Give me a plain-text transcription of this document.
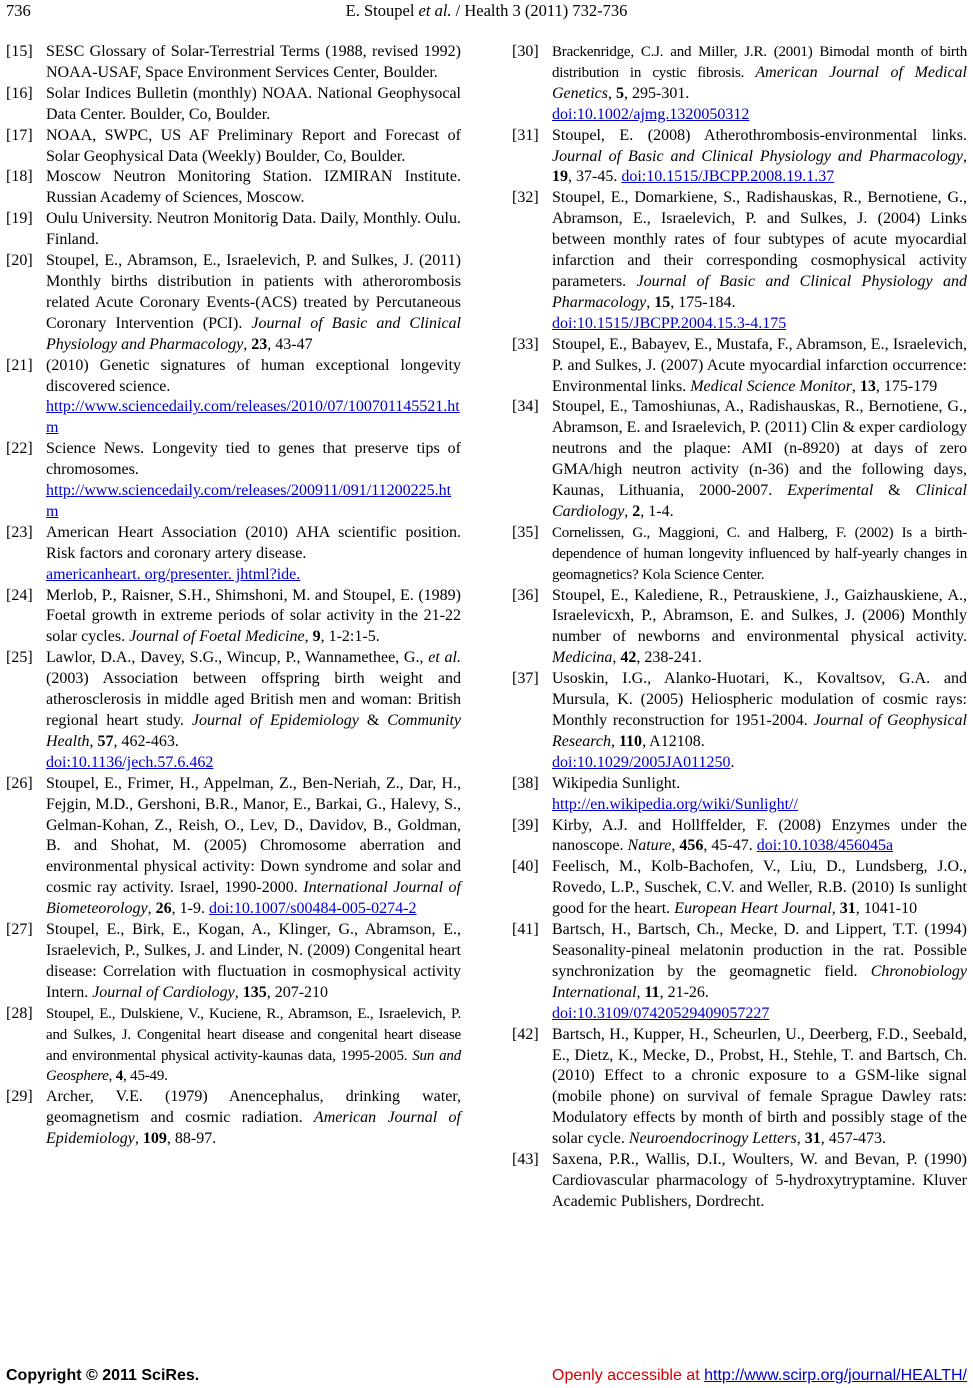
736	E. Stoupel et al. / Health 3 (2011) 732-736
[15] SESC Glossary of Solar-Terrestrial Terms (1988, revised 1992) NOAA-USAF, Space Environment Services Center, Boulder.
[16] Solar Indices Bulletin (monthly) NOAA. National Geophysocal Data Center. Boulder, Co, Boulder.
[17] NOAA, SWPC, US AF Preliminary Report and Forecast of Solar Geophysical Data (Weekly) Boulder, Co, Boulder.
[18] Moscow Neutron Monitoring Station. IZMIRAN Institute. Russian Academy of Sciences, Moscow.
[19] Oulu University. Neutron Monitorig Data. Daily, Monthly. Oulu. Finland.
[20] Stoupel, E., Abramson, E., Israelevich, P. and Sulkes, J. (2011) Monthly births distribution in patients with atherorombosis related Acute Coronary Events-(ACS) treated by Percutaneous Coronary Intervention (PCI). Journal of Basic and Clinical Physiology and Pharmacology, 23, 43-47
[21] (2010) Genetic signatures of human exceptional longevity discovered science.
http://www.sciencedaily.com/releases/2010/07/100701145521.htm
[22] Science News. Longevity tied to genes that preserve tips of chromosomes.
http://www.sciencedaily.com/releases/200911/091/11200225.htm
[23] American Heart Association (2010) AHA scientific position. Risk factors and coronary artery disease.
americanheart. org/presenter. jhtml?ide.
[24] Merlob, P., Raisner, S.H., Shimshoni, M. and Stoupel, E. (1989) Foetal growth in extreme periods of solar activity in the 21-22 solar cycles. Journal of Foetal Medicine, 9, 1-2:1-5.
[25] Lawlor, D.A., Davey, S.G., Wincup, P., Wannamethee, G., et al. (2003) Association between offspring birth weight and atherosclerosis in middle aged British men and woman: British regional heart study. Journal of Epidemiology & Community Health, 57, 462-463.
doi:10.1136/jech.57.6.462
[26] Stoupel, E., Frimer, H., Appelman, Z., Ben-Neriah, Z., Dar, H., Fejgin, M.D., Gershoni, B.R., Manor, E., Barkai, G., Halevy, S., Gelman-Kohan, Z., Reish, O., Lev, D., Davidov, B., Goldman, B. and Shohat, M. (2005) Chromosome aberration and environmental physical activity: Down syndrome and solar and cosmic ray activity. Israel, 1990-2000. International Journal of Biometeorology, 26, 1-9. doi:10.1007/s00484-005-0274-2
[27] Stoupel, E., Birk, E., Kogan, A., Klinger, G., Abramson, E., Israelevich, P., Sulkes, J. and Linder, N. (2009) Congenital heart disease: Correlation with fluctuation in cosmophysical activity Intern. Journal of Cardiology, 135, 207-210
[28] Stoupel, E., Dulskiene, V., Kuciene, R., Abramson, E., Israelevich, P. and Sulkes, J. Congenital heart disease and congenital heart disease and environmental physical activity-kaunas data, 1995-2005. Sun and Geosphere, 4, 45-49.
[29] Archer, V.E. (1979) Anencephalus, drinking water, geomagnetism and cosmic radiation. American Journal of Epidemiology, 109, 88-97.
[30] Brackenridge, C.J. and Miller, J.R. (2001) Bimodal month of birth distribution in cystic fibrosis. American Journal of Medical Genetics, 5, 295-301.
doi:10.1002/ajmg.1320050312
[31] Stoupel, E. (2008) Atherothrombosis-environmental links. Journal of Basic and Clinical Physiology and Pharmacology, 19, 37-45. doi:10.1515/JBCPP.2008.19.1.37
[32] Stoupel, E., Domarkiene, S., Radishauskas, R., Bernotiene, G., Abramson, E., Israelevich, P. and Sulkes, J. (2004) Links between monthly rates of four subtypes of acute myocardial infarction and their corresponding cosmophysical activity parameters. Journal of Basic and Clinical Physiology and Pharmacology, 15, 175-184.
doi:10.1515/JBCPP.2004.15.3-4.175
[33] Stoupel, E., Babayev, E., Mustafa, F., Abramson, E., Israelevich, P. and Sulkes, J. (2007) Acute myocardial infarction occurrence: Environmental links. Medical Science Monitor, 13, 175-179
[34] Stoupel, E., Tamoshiunas, A., Radishauskas, R., Bernotiene, G., Abramson, E. and Israelevich, P. (2011) Clin & exper cardiology neutrons and the plaque: AMI (n-8920) at days of zero GMA/high neutron activity (n-36) and the following days, Kaunas, Lithuania, 2000-2007. Experimental & Clinical Cardiology, 2, 1-4.
[35] Cornelissen, G., Maggioni, C. and Halberg, F. (2002) Is a birth-dependence of human longevity influenced by half-yearly changes in geomagnetics? Kola Science Center.
[36] Stoupel, E., Kalediene, R., Petrauskiene, J., Gaizhauskiene, A., Israelevicxh, P., Abramson, E. and Sulkes, J. (2006) Monthly number of newborns and environmental physical activity. Medicina, 42, 238-241.
[37] Usoskin, I.G., Alanko-Huotari, K., Kovaltsov, G.A. and Mursula, K. (2005) Heliospheric modulation of cosmic rays: Monthly reconstruction for 1951-2004. Journal of Geophysical Research, 110, A12108.
doi:10.1029/2005JA011250.
[38] Wikipedia Sunlight.
http://en.wikipedia.org/wiki/Sunlight//
[39] Kirby, A.J. and Hollffelder, F. (2008) Enzymes under the nanoscope. Nature, 456, 45-47. doi:10.1038/456045a
[40] Feelisch, M., Kolb-Bachofen, V., Liu, D., Lundsberg, J.O., Rovedo, L.P., Suschek, C.V. and Weller, R.B. (2010) Is sunlight good for the heart. European Heart Journal, 31, 1041-10
[41] Bartsch, H., Bartsch, Ch., Mecke, D. and Lippert, T.T. (1994) Seasonality-pineal melatonin production in the rat. Possible synchronization by the geomagnetic field. Chronobiology International, 11, 21-26.
doi:10.3109/07420529409057227
[42] Bartsch, H., Kupper, H., Scheurlen, U., Deerberg, F.D., Seebald, E., Dietz, K., Mecke, D., Probst, H., Stehle, T. and Bartsch, Ch. (2010) Effect to a chronic exposure to a GSM-like signal (mobile phone) on survival of female Sprague Dawley rats: Modulatory effects by month of birth and possibly stage of the solar cycle. Neuroendocrinogy Letters, 31, 457-473.
[43] Saxena, P.R., Wallis, D.I., Woulters, W. and Bevan, P. (1990) Cardiovascular pharmacology of 5-hydroxytryptamine. Kluver Academic Publishers, Dordrecht.
Copyright © 2011 SciRes.	Openly accessible at http://www.scirp.org/journal/HEALTH/
